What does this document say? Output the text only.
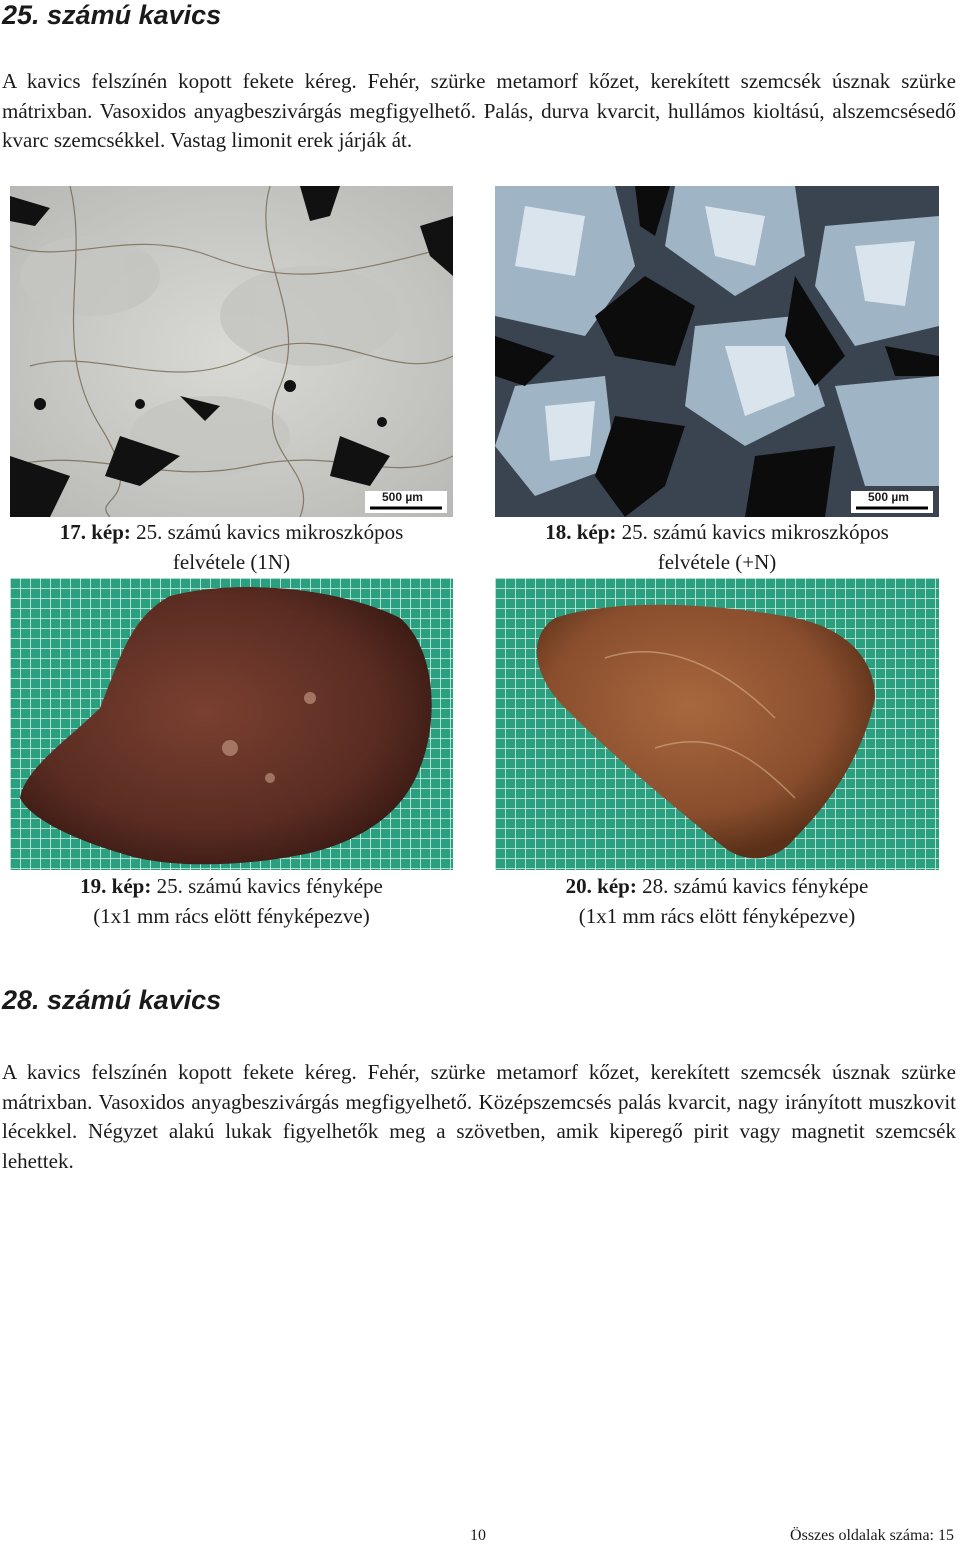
25. számú kavics

A kavics felszínén kopott fekete kéreg. Fehér, szürke metamorf kőzet, kerekített szemcsék úsznak szürke mátrixban. Vasoxidos anyagbeszivárgás megfigyelhető. Palás, durva kvarcit, hullámos kioltású, alszemcsésedő kvarc szemcsékkel. Vastag limonit erek járják át.

500 µm
17. kép: 25. számú kavics mikroszkópos
felvétele (1N)
500 µm
18. kép: 25. számú kavics mikroszkópos
felvétele (+N)
19. kép: 25. számú kavics fényképe
(1x1 mm rács elött fényképezve)
20. kép: 28. számú kavics fényképe
(1x1 mm rács elött fényképezve)
28. számú kavics

A kavics felszínén kopott fekete kéreg. Fehér, szürke metamorf kőzet, kerekített szemcsék úsznak szürke mátrixban. Vasoxidos anyagbeszivárgás megfigyelhető. Középszemcsés palás kvarcit, nagy irányított muszkovit lécekkel. Négyzet alakú lukak figyelhetők meg a szövetben, amik kiperegő pirit vagy magnetit szemcsék lehettek.

10	Összes oldalak száma: 15
